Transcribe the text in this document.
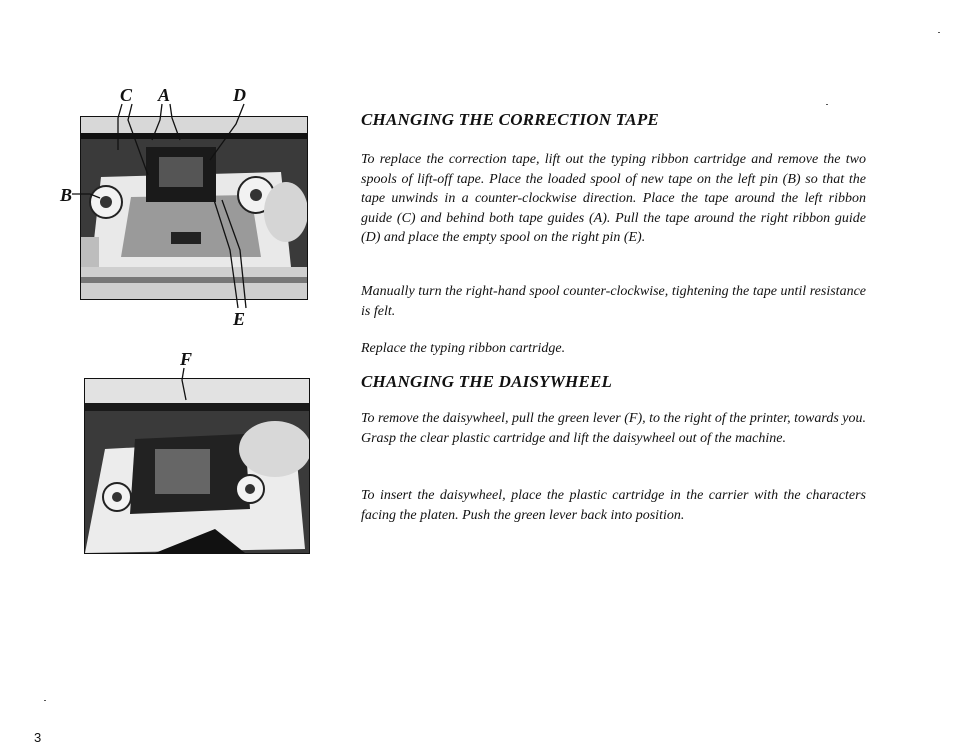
C A	D
B
E
F
CHANGING THE CORRECTION TAPE

To replace the correction tape, lift out the typing ribbon cartridge and remove the two spools of lift-off tape. Place the loaded spool of new tape on the left pin (B) so that the tape unwinds in a counter-clockwise direction. Place the tape around the left ribbon guide (C) and behind both tape guides (A). Pull the tape around the right ribbon guide (D) and place the empty spool on the right pin (E).

Manually turn the right-hand spool counter-clockwise, tightening the tape until resistance is felt.

Replace the typing ribbon cartridge.

CHANGING THE DAISYWHEEL

To remove the daisywheel, pull the green lever (F), to the right of the printer, towards you. Grasp the clear plastic cartridge and lift the daisywheel out of the machine.

To insert the daisywheel, place the plastic cartridge in the carrier with the characters facing the platen. Push the green lever back into position.

3
